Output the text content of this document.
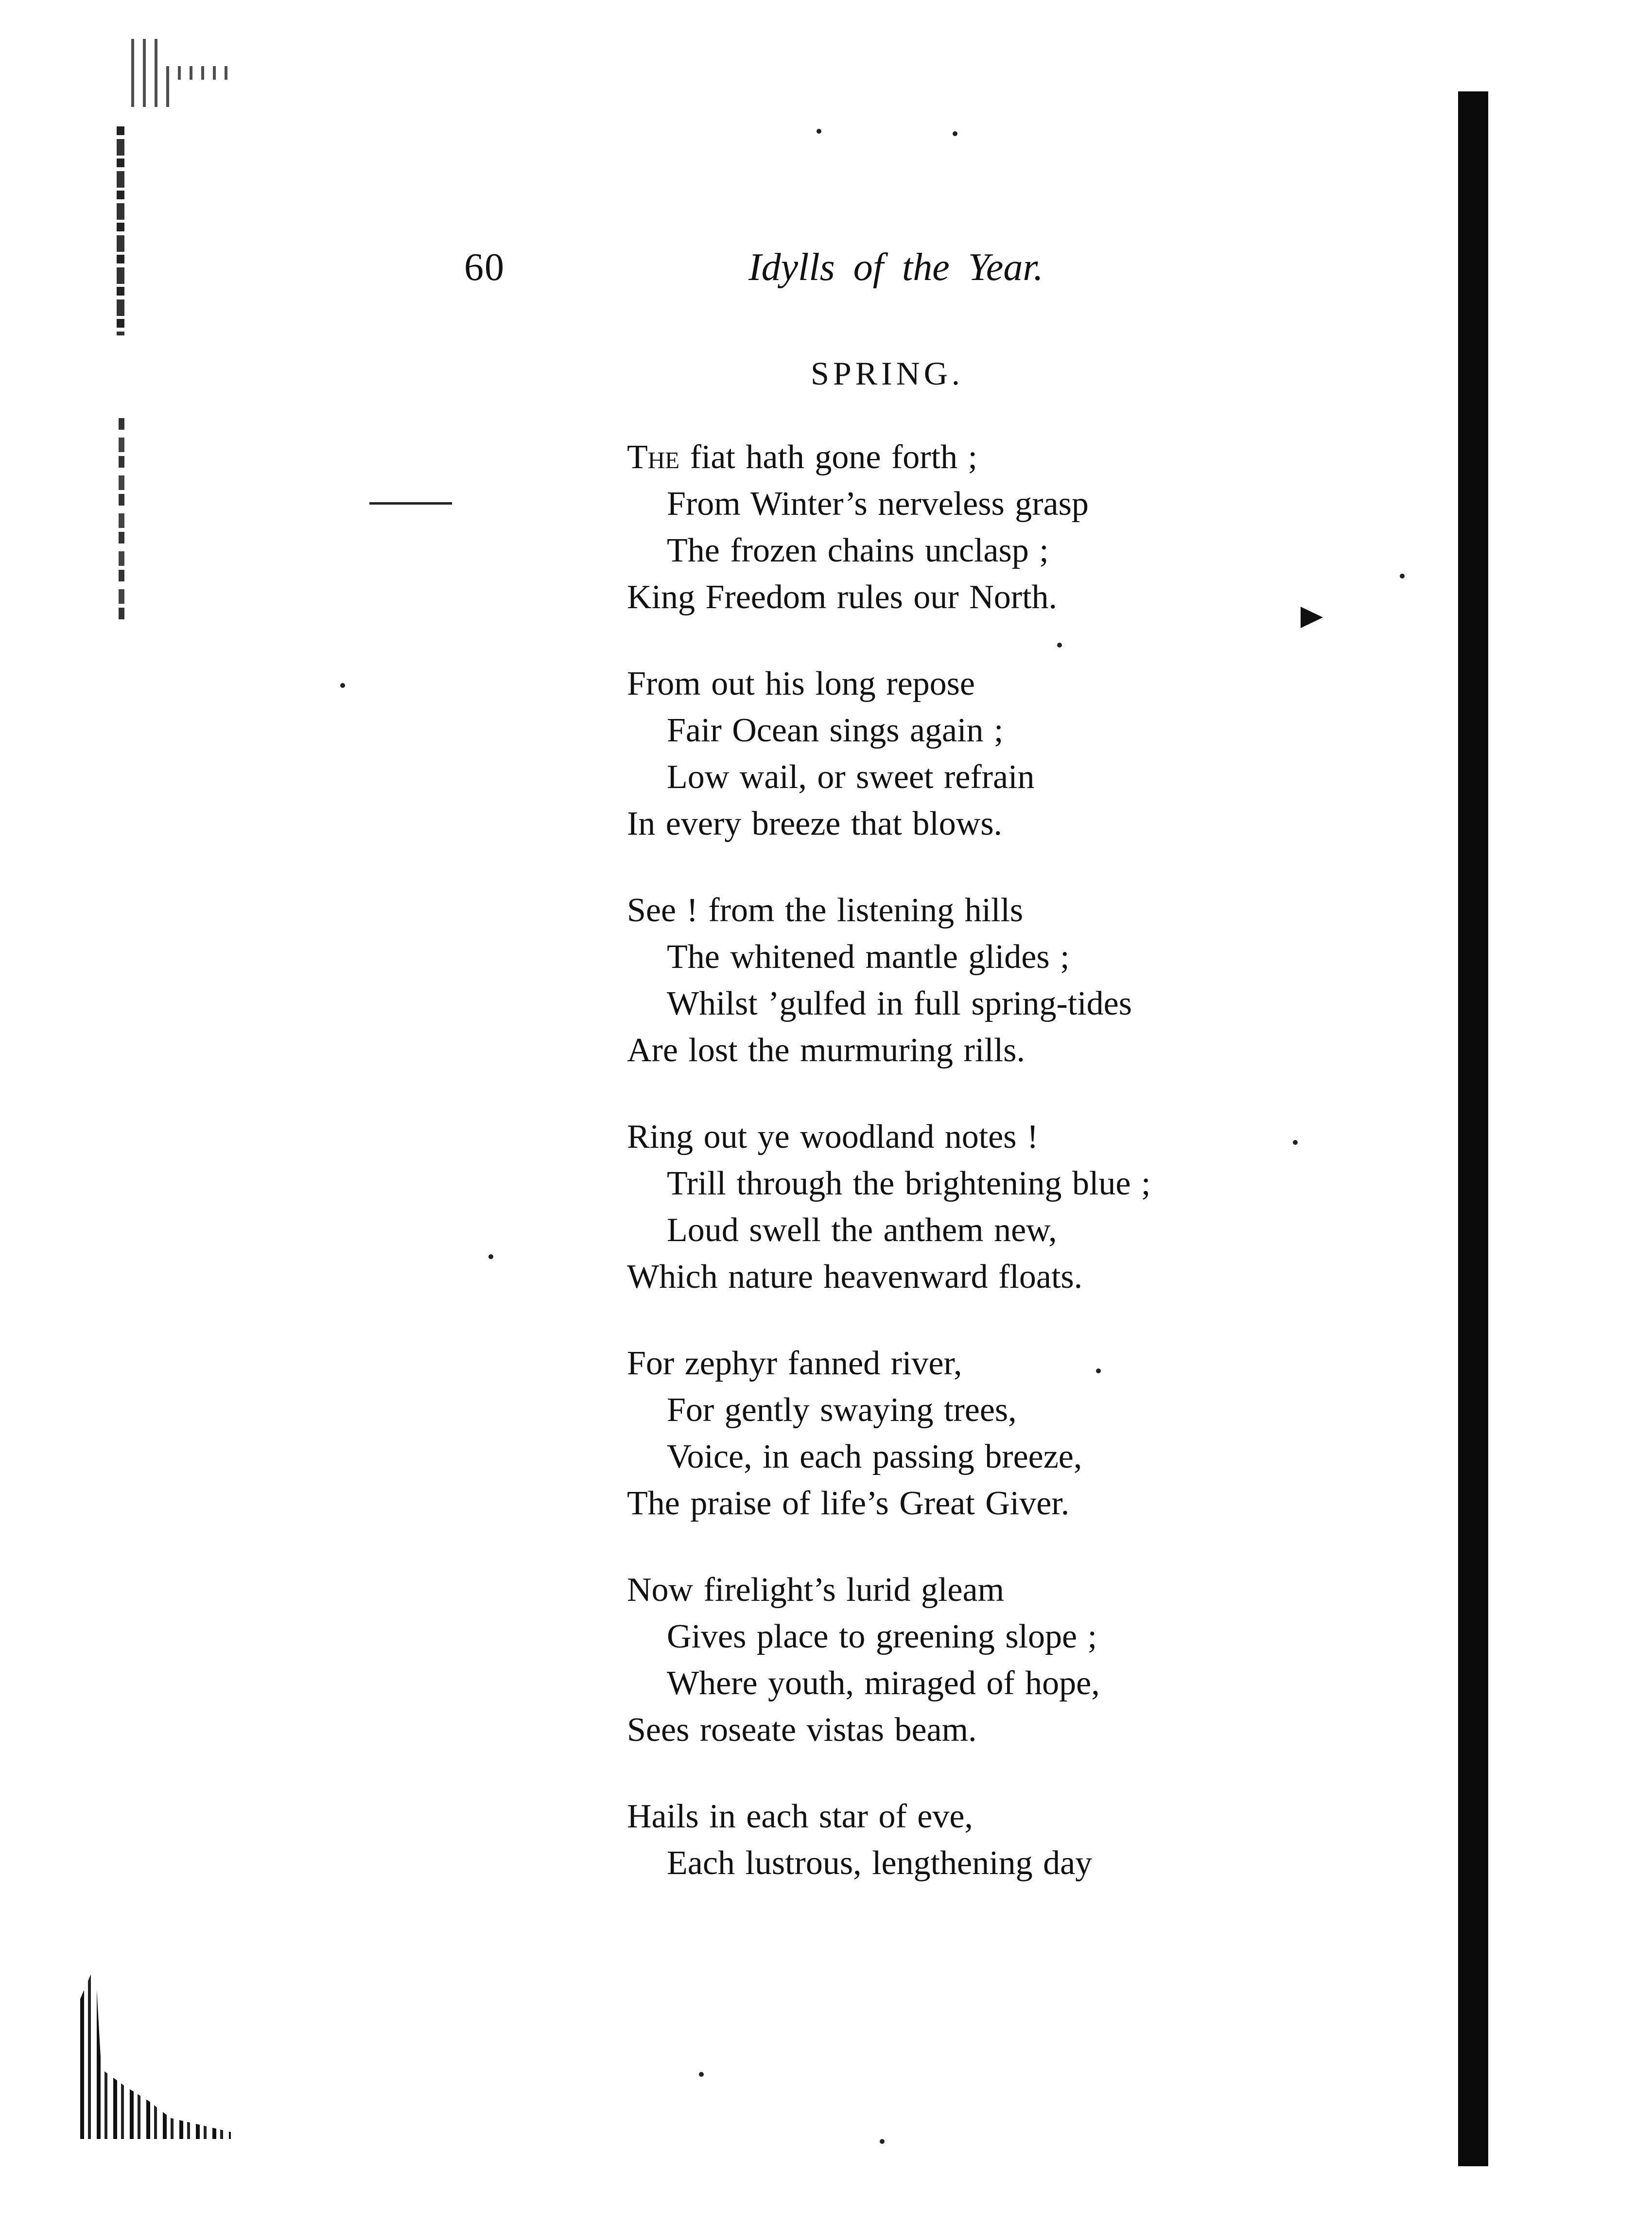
60	Idylls of the Year.
SPRING.
The fiat hath gone forth ;
From Winter’s nerveless grasp
The frozen chains unclasp ;
King Freedom rules our North.
From out his long repose
Fair Ocean sings again ;
Low wail, or sweet refrain
In every breeze that blows.
See ! from the listening hills
The whitened mantle glides ;
Whilst ’gulfed in full spring-tides
Are lost the murmuring rills.
Ring out ye woodland notes !
Trill through the brightening blue ;
Loud swell the anthem new,
Which nature heavenward floats.
For zephyr fanned river,
For gently swaying trees,
Voice, in each passing breeze,
The praise of life’s Great Giver.
Now firelight’s lurid gleam
Gives place to greening slope ;
Where youth, miraged of hope,
Sees roseate vistas beam.
Hails in each star of eve,
Each lustrous, lengthening day
